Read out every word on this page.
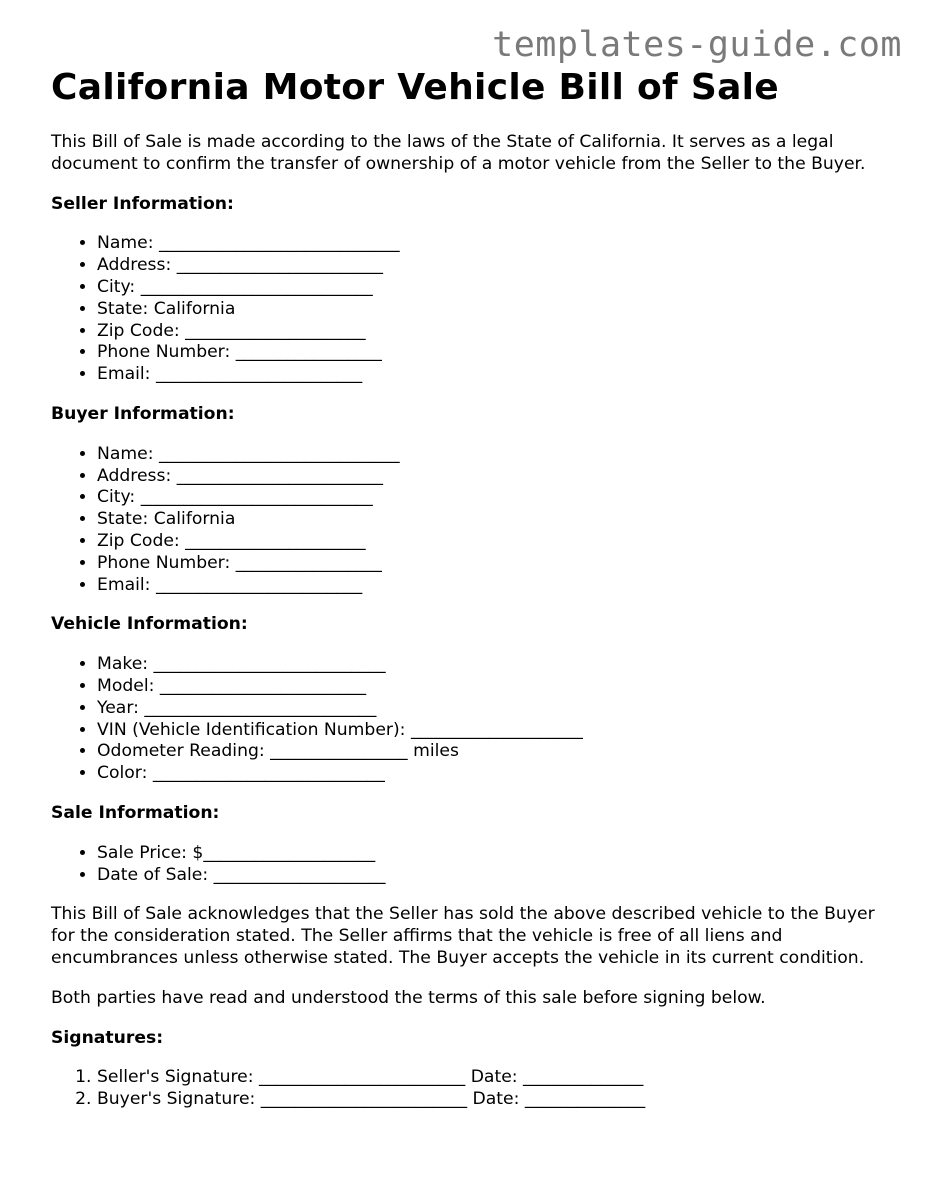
templates-guide.com
California Motor Vehicle Bill of Sale

This Bill of Sale is made according to the laws of the State of California. It serves as a legal document to confirm the transfer of ownership of a motor vehicle from the Seller to the Buyer.

Seller Information:
• Name: ____________________________
• Address: ________________________
• City: ___________________________
• State: California
• Zip Code: _____________________
• Phone Number: _________________
• Email: ________________________
Buyer Information:
• Name: ____________________________
• Address: ________________________
• City: ___________________________
• State: California
• Zip Code: _____________________
• Phone Number: _________________
• Email: ________________________
Vehicle Information:
• Make: ___________________________
• Model: ________________________
• Year: ___________________________
• VIN (Vehicle Identification Number): ____________________
• Odometer Reading: ________________ miles
• Color: ___________________________
Sale Information:
• Sale Price: $____________________
• Date of Sale: ____________________

This Bill of Sale acknowledges that the Seller has sold the above described vehicle to the Buyer for the consideration stated. The Seller affirms that the vehicle is free of all liens and encumbrances unless otherwise stated. The Buyer accepts the vehicle in its current condition.

Both parties have read and understood the terms of this sale before signing below.

Signatures:
1. Seller's Signature: ________________________ Date: ______________
2. Buyer's Signature: ________________________ Date: ______________
